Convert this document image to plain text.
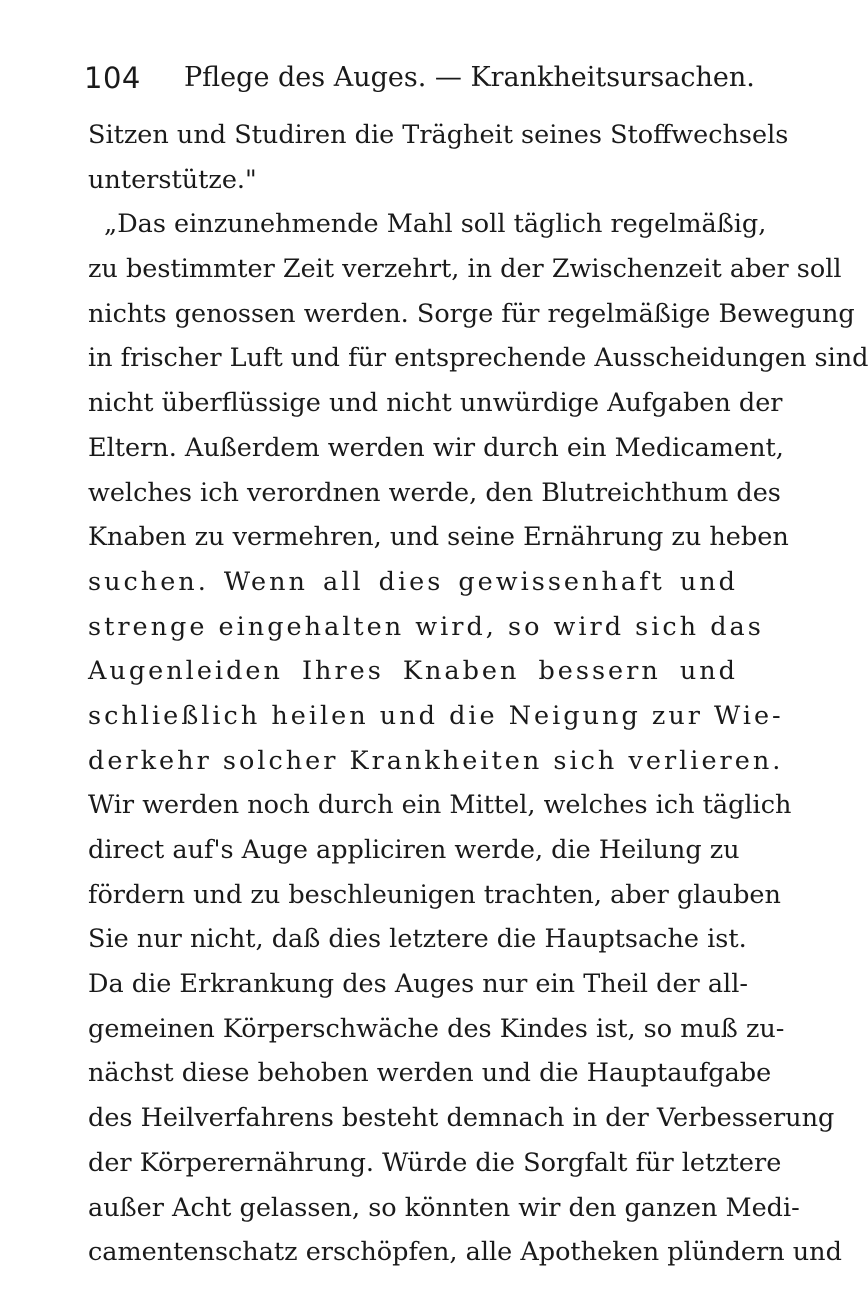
104 Pflege des Auges. — Krankheitsursachen.
Sitzen und Studiren die Trägheit seines Stoffwechsels
unterstütze."
„Das einzunehmende Mahl soll täglich regelmäßig,
zu bestimmter Zeit verzehrt, in der Zwischenzeit aber soll
nichts genossen werden. Sorge für regelmäßige Bewegung
in frischer Luft und für entsprechende Ausscheidungen sind
nicht überflüssige und nicht unwürdige Aufgaben der
Eltern. Außerdem werden wir durch ein Medicament,
welches ich verordnen werde, den Blutreichthum des
Knaben zu vermehren, und seine Ernährung zu heben
suchen. Wenn all dies gewissenhaft und
strenge eingehalten wird, so wird sich das
Augenleiden Ihres Knaben bessern und
schließlich heilen und die Neigung zur Wie-
derkehr solcher Krankheiten sich verlieren.
Wir werden noch durch ein Mittel, welches ich täglich
direct auf's Auge appliciren werde, die Heilung zu
fördern und zu beschleunigen trachten, aber glauben
Sie nur nicht, daß dies letztere die Hauptsache ist.
Da die Erkrankung des Auges nur ein Theil der all-
gemeinen Körperschwäche des Kindes ist, so muß zu-
nächst diese behoben werden und die Hauptaufgabe
des Heilverfahrens besteht demnach in der Verbesserung
der Körperernährung. Würde die Sorgfalt für letztere
außer Acht gelassen, so könnten wir den ganzen Medi-
camentenschatz erschöpfen, alle Apotheken plündern und
